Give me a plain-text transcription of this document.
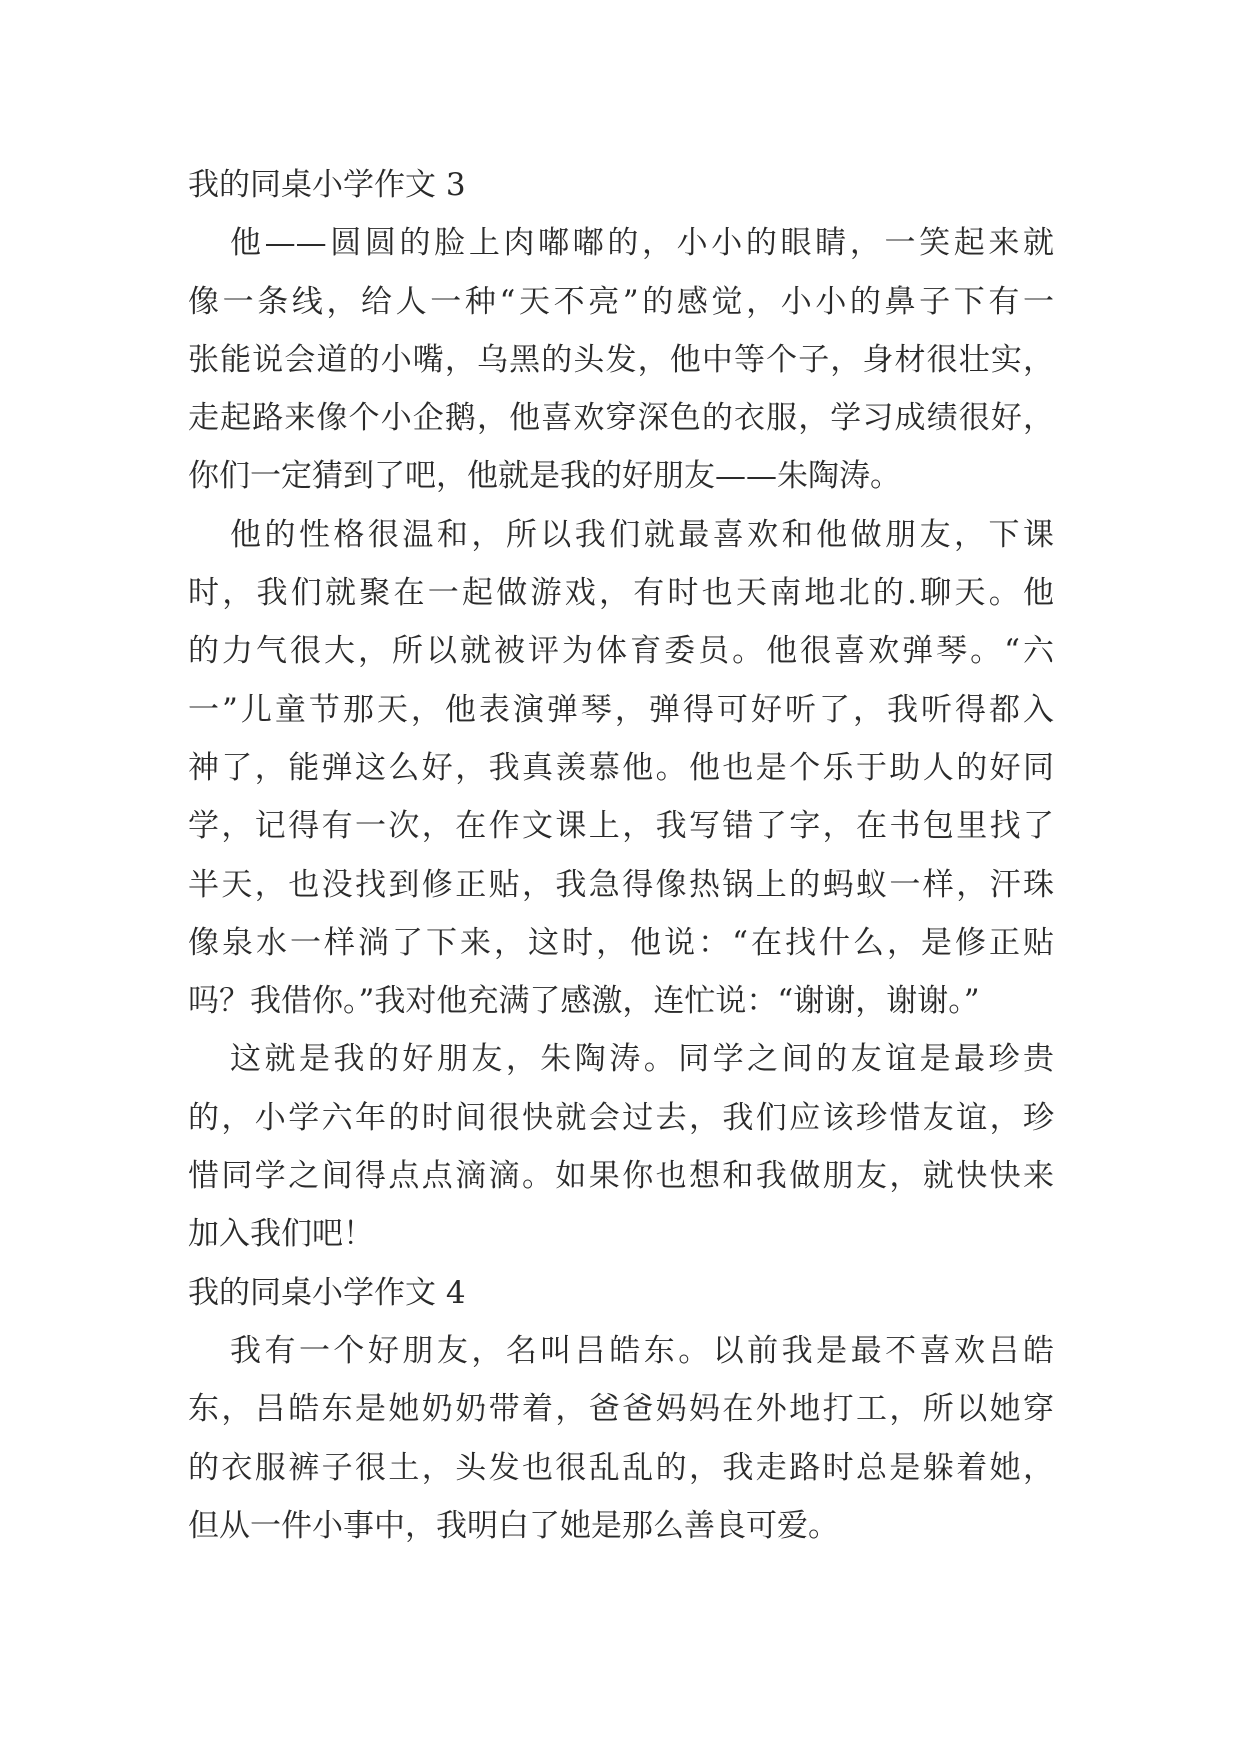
我的同桌小学作文 3
他——圆圆的脸上肉嘟嘟的，小小的眼睛，一笑起来就
像一条线，给人一种“天不亮”的感觉，小小的鼻子下有一
张能说会道的小嘴，乌黑的头发，他中等个子，身材很壮实，
走起路来像个小企鹅，他喜欢穿深色的衣服，学习成绩很好，
你们一定猜到了吧，他就是我的好朋友——朱陶涛。
他的性格很温和，所以我们就最喜欢和他做朋友，下课
时，我们就聚在一起做游戏，有时也天南地北的.聊天。他
的力气很大，所以就被评为体育委员。他很喜欢弹琴。“六
一”儿童节那天，他表演弹琴，弹得可好听了，我听得都入
神了，能弹这么好，我真羡慕他。他也是个乐于助人的好同
学，记得有一次，在作文课上，我写错了字，在书包里找了
半天，也没找到修正贴，我急得像热锅上的蚂蚁一样，汗珠
像泉水一样淌了下来，这时，他说：“在找什么，是修正贴
吗？我借你。”我对他充满了感激，连忙说：“谢谢，谢谢。”
这就是我的好朋友，朱陶涛。同学之间的友谊是最珍贵
的，小学六年的时间很快就会过去，我们应该珍惜友谊，珍
惜同学之间得点点滴滴。如果你也想和我做朋友，就快快来
加入我们吧！
我的同桌小学作文 4
我有一个好朋友，名叫吕皓东。以前我是最不喜欢吕皓
东，吕皓东是她奶奶带着，爸爸妈妈在外地打工，所以她穿
的衣服裤子很土，头发也很乱乱的，我走路时总是躲着她，
但从一件小事中，我明白了她是那么善良可爱。
